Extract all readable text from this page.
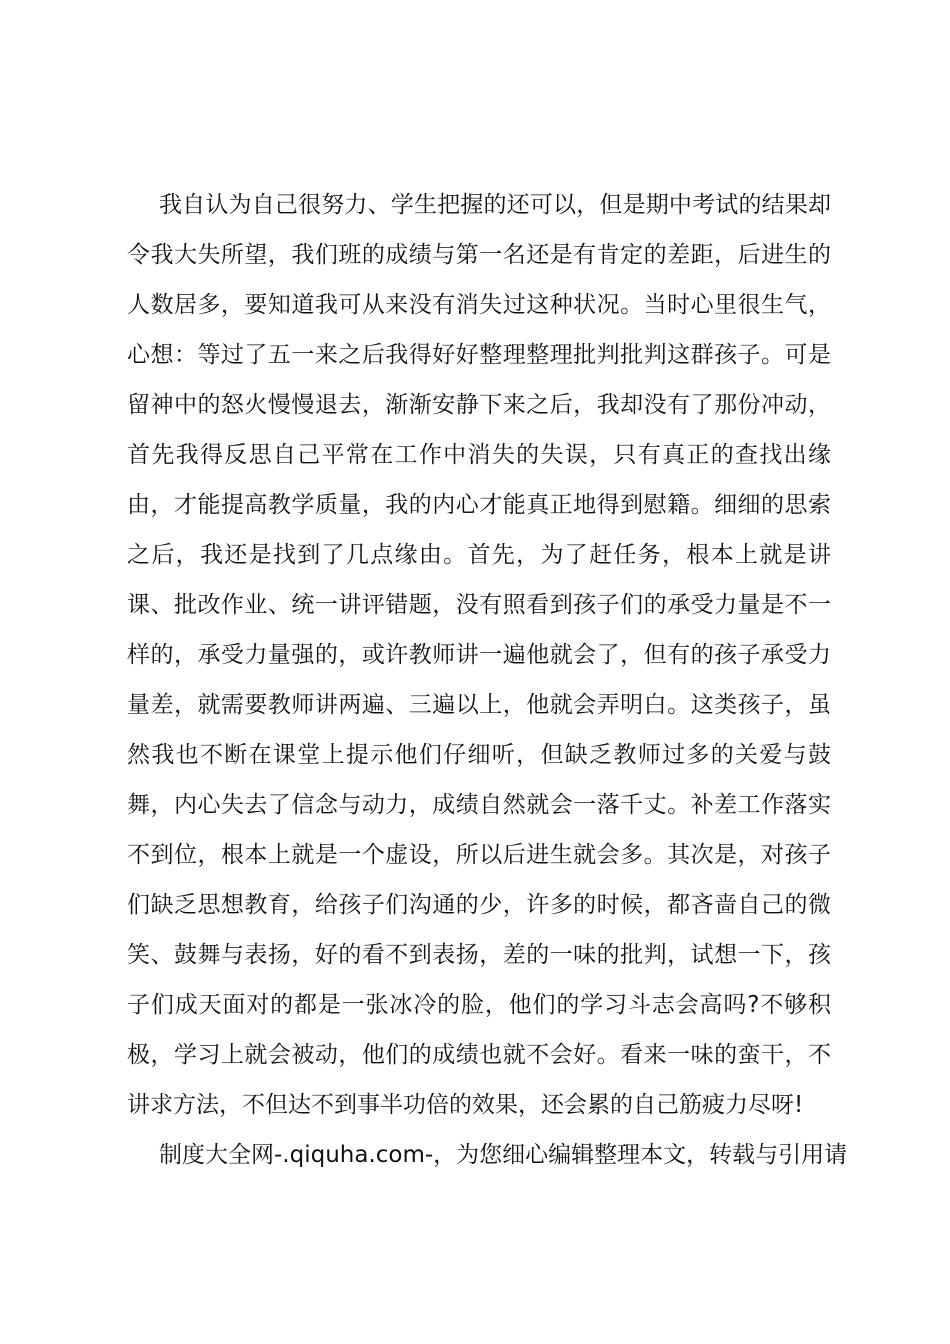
我自认为自己很努力、学生把握的还可以，但是期中考试的结果却令我大失所望，我们班的成绩与第一名还是有肯定的差距，后进生的人数居多，要知道我可从来没有消失过这种状况。当时心里很生气，心想：等过了五一来之后我得好好整理整理批判批判这群孩子。可是留神中的怒火慢慢退去，渐渐安静下来之后，我却没有了那份冲动，首先我得反思自己平常在工作中消失的失误，只有真正的查找出缘由，才能提高教学质量，我的内心才能真正地得到慰籍。细细的思索之后，我还是找到了几点缘由。首先，为了赶任务，根本上就是讲课、批改作业、统一讲评错题，没有照看到孩子们的承受力量是不一样的，承受力量强的，或许教师讲一遍他就会了，但有的孩子承受力量差，就需要教师讲两遍、三遍以上，他就会弄明白。这类孩子，虽然我也不断在课堂上提示他们仔细听，但缺乏教师过多的关爱与鼓舞，内心失去了信念与动力，成绩自然就会一落千丈。补差工作落实不到位，根本上就是一个虚设，所以后进生就会多。其次是，对孩子们缺乏思想教育，给孩子们沟通的少，许多的时候，都吝啬自己的微笑、鼓舞与表扬，好的看不到表扬，差的一味的批判，试想一下，孩子们成天面对的都是一张冰冷的脸，他们的学习斗志会高吗?不够积极，学习上就会被动，他们的成绩也就不会好。看来一味的蛮干，不讲求方法，不但达不到事半功倍的效果，还会累的自己筋疲力尽呀!

制度大全网-.qiquha.com-，为您细心编辑整理本文，转载与引用请
